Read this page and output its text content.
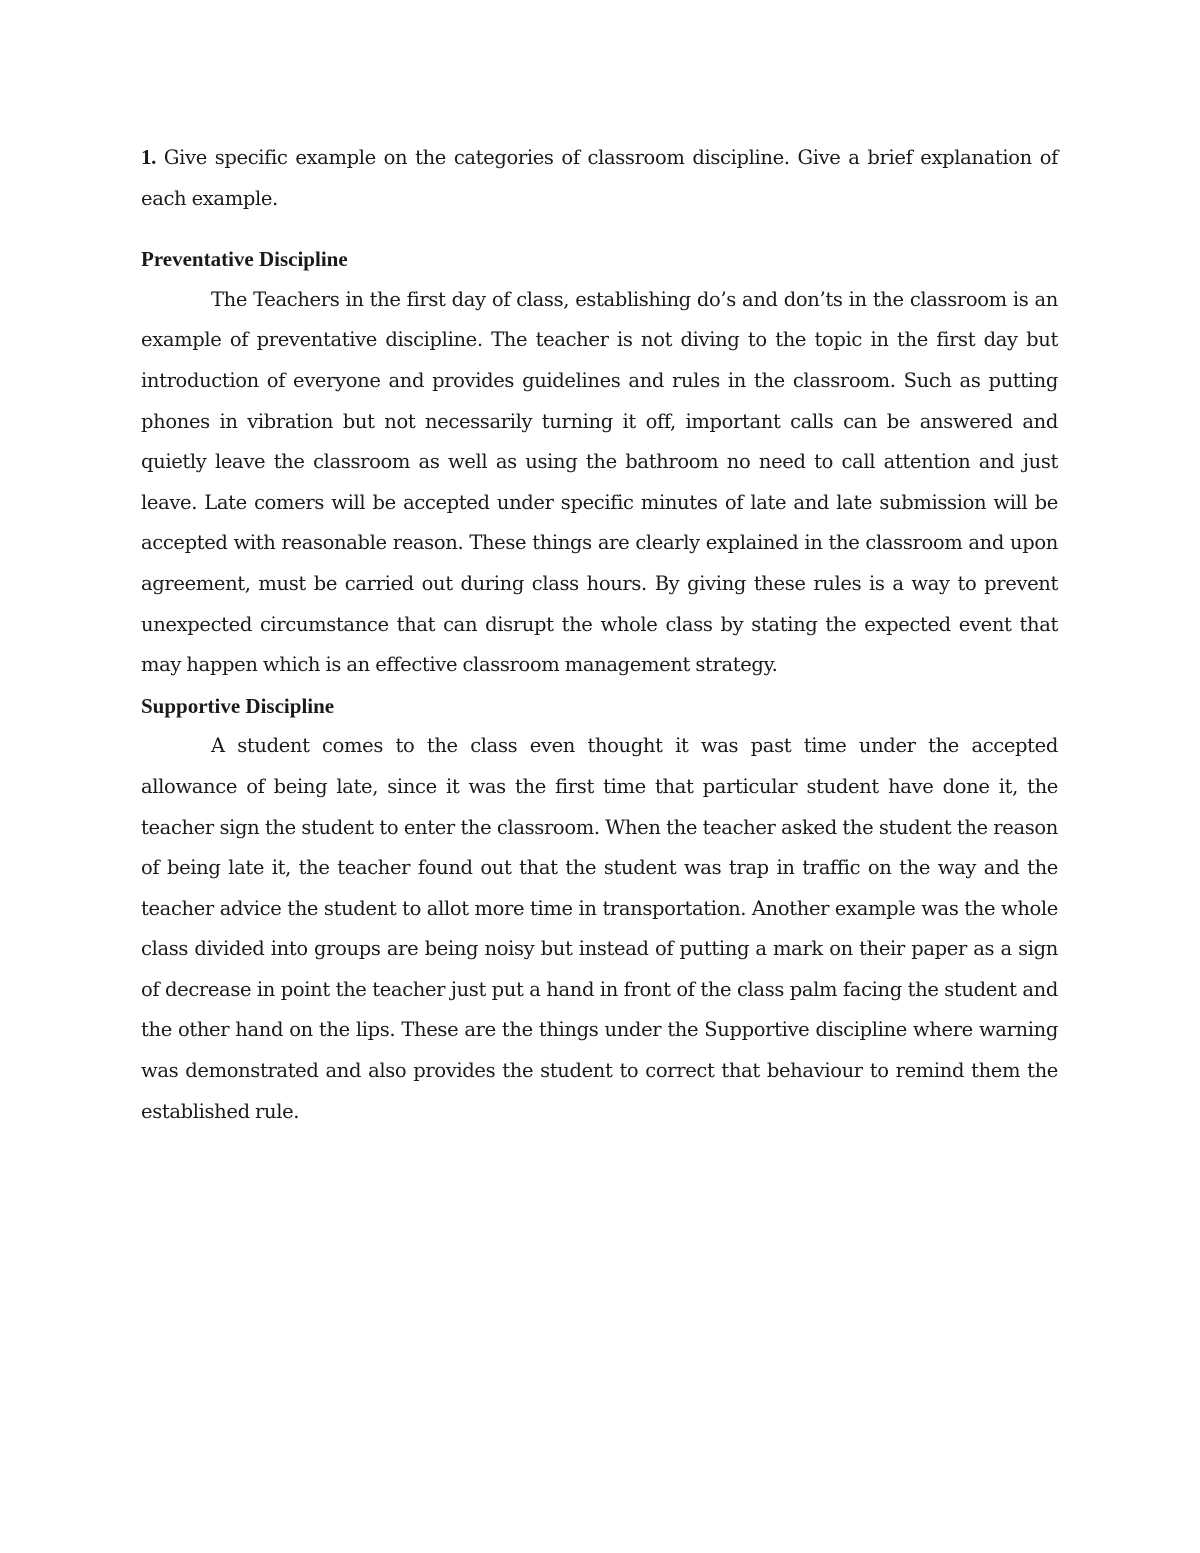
1. Give specific example on the categories of classroom discipline. Give a brief explanation of each example.

Preventative Discipline

The Teachers in the first day of class, establishing do’s and don’ts in the classroom is an example of preventative discipline. The teacher is not diving to the topic in the first day but introduction of everyone and provides guidelines and rules in the classroom. Such as putting phones in vibration but not necessarily turning it off, important calls can be answered and quietly leave the classroom as well as using the bathroom no need to call attention and just leave. Late comers will be accepted under specific minutes of late and late submission will be accepted with reasonable reason. These things are clearly explained in the classroom and upon agreement, must be carried out during class hours. By giving these rules is a way to prevent unexpected circumstance that can disrupt the whole class by stating the expected event that may happen which is an effective classroom management strategy.

Supportive Discipline

A student comes to the class even thought it was past time under the accepted allowance of being late, since it was the first time that particular student have done it, the teacher sign the student to enter the classroom. When the teacher asked the student the reason of being late it, the teacher found out that the student was trap in traffic on the way and the teacher advice the student to allot more time in transportation. Another example was the whole class divided into groups are being noisy but instead of putting a mark on their paper as a sign of decrease in point the teacher just put a hand in front of the class palm facing the student and the other hand on the lips. These are the things under the Supportive discipline where warning was demonstrated and also provides the student to correct that behaviour to remind them the established rule.
